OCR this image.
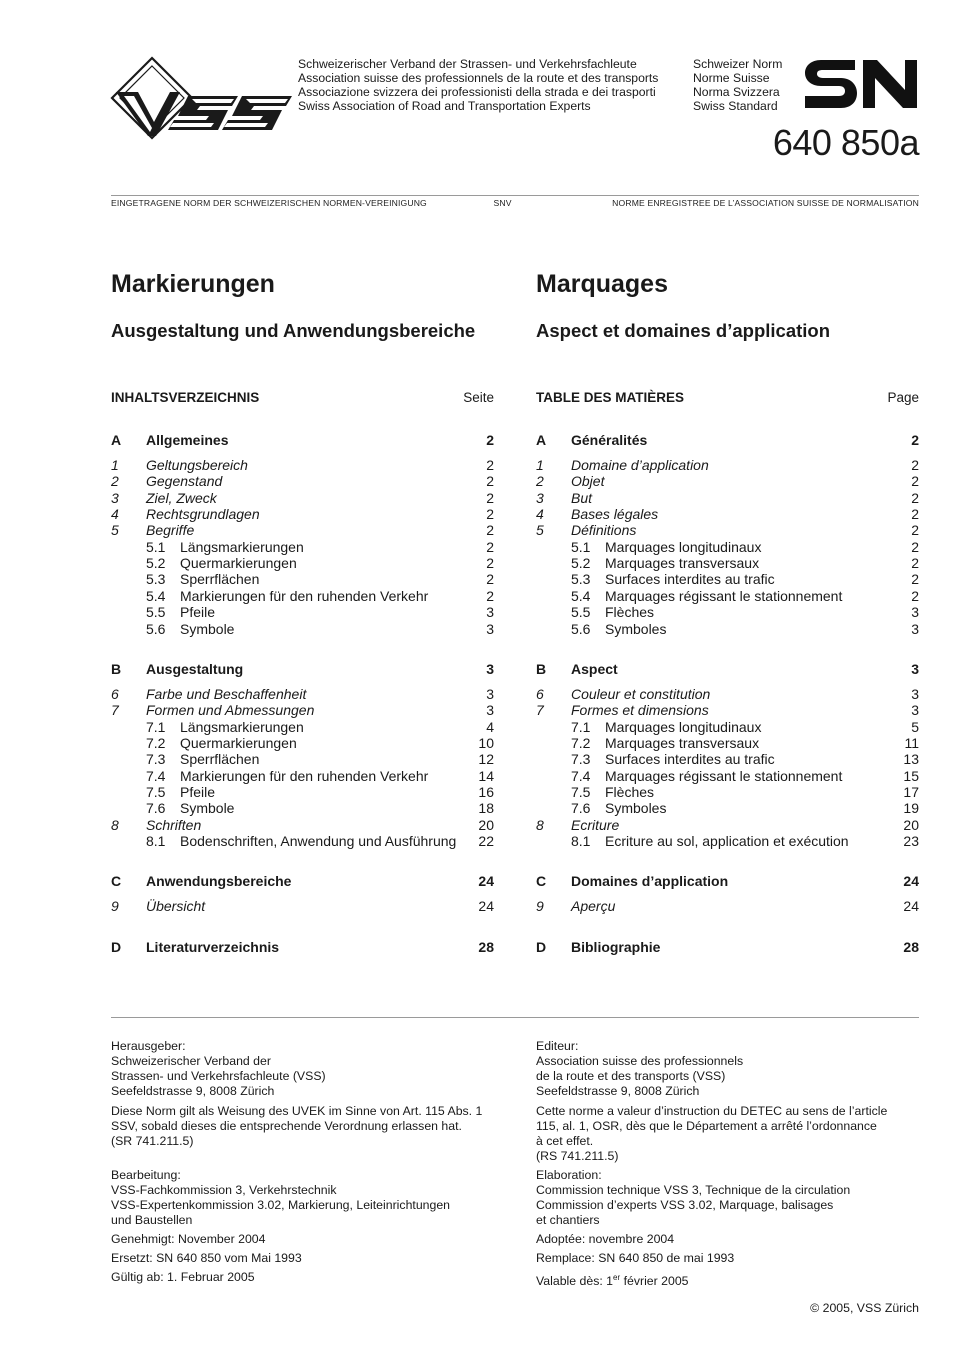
Schweizerischer Verband der Strassen- und Verkehrsfachleute
Association suisse des professionnels de la route et des transports
Associazione svizzera dei professionisti della strada e dei trasporti
Swiss Association of Road and Transportation Experts
Schweizer Norm
Norme Suisse
Norma Svizzera
Swiss Standard
640 850a
EINGETRAGENE NORM DER SCHWEIZERISCHEN NORMEN-VEREINIGUNG	SNV	NORME ENREGISTREE DE L’ASSOCIATION SUISSE DE NORMALISATION
Markierungen
Ausgestaltung und Anwendungsbereiche
INHALTSVERZEICHNIS	Seite
A Allgemeines	2
1 Geltungsbereich	2
2 Gegenstand	2
3 Ziel, Zweck	2
4 Rechtsgrundlagen	2
5 Begriffe	2
5.1 Längsmarkierungen	2
5.2 Quermarkierungen	2
5.3 Sperrflächen	2
5.4 Markierungen für den ruhenden Verkehr	2
5.5 Pfeile	3
5.6 Symbole	3
B Ausgestaltung	3
6 Farbe und Beschaffenheit	3
7 Formen und Abmessungen	3
7.1 Längsmarkierungen	4
7.2 Quermarkierungen	10
7.3 Sperrflächen	12
7.4 Markierungen für den ruhenden Verkehr	14
7.5 Pfeile	16
7.6 Symbole	18
8 Schriften	20
8.1 Bodenschriften, Anwendung und Ausführung 22
C Anwendungsbereiche	24
9 Übersicht	24
D Literaturverzeichnis	28
Marquages
Aspect et domaines d’application
TABLE DES MATIÈRES	Page
A Généralités	2
1 Domaine d’application	2
2 Objet	2
3 But	2
4 Bases légales	2
5 Définitions	2
5.1 Marquages longitudinaux	2
5.2 Marquages transversaux	2
5.3 Surfaces interdites au trafic	2
5.4 Marquages régissant le stationnement	2
5.5 Flèches	3
5.6 Symboles	3
B Aspect	3
6 Couleur et constitution	3
7 Formes et dimensions	3
7.1 Marquages longitudinaux	5
7.2 Marquages transversaux	11
7.3 Surfaces interdites au trafic	13
7.4 Marquages régissant le stationnement	15
7.5 Flèches	17
7.6 Symboles	19
8 Ecriture	20
8.1 Ecriture au sol, application et exécution	23
C Domaines d’application	24
9 Aperçu	24
D Bibliographie	28

Herausgeber:

Schweizerischer Verband der

Strassen- und Verkehrsfachleute (VSS)

Seefeldstrasse 9, 8008 Zürich

Diese Norm gilt als Weisung des UVEK im Sinne von Art. 115 Abs. 1

SSV, sobald dieses die entsprechende Verordnung erlassen hat.

(SR 741.211.5)

Bearbeitung:

VSS-Fachkommission 3, Verkehrstechnik

VSS-Expertenkommission 3.02, Markierung, Leiteinrichtungen

und Baustellen

Genehmigt: November 2004

Ersetzt: SN 640 850 vom Mai 1993

Gültig ab: 1. Februar 2005

Editeur:

Association suisse des professionnels

de la route et des transports (VSS)

Seefeldstrasse 9, 8008 Zürich

Cette norme a valeur d’instruction du DETEC au sens de l’article

115, al. 1, OSR, dès que le Département a arrêté l’ordonnance

à cet effet.

(RS 741.211.5)

Elaboration:

Commission technique VSS 3, Technique de la circulation

Commission d’experts VSS 3.02, Marquage, balisages

et chantiers

Adoptée: novembre 2004

Remplace: SN 640 850 de mai 1993

Valable dès: 1er février 2005

© 2005, VSS Zürich
